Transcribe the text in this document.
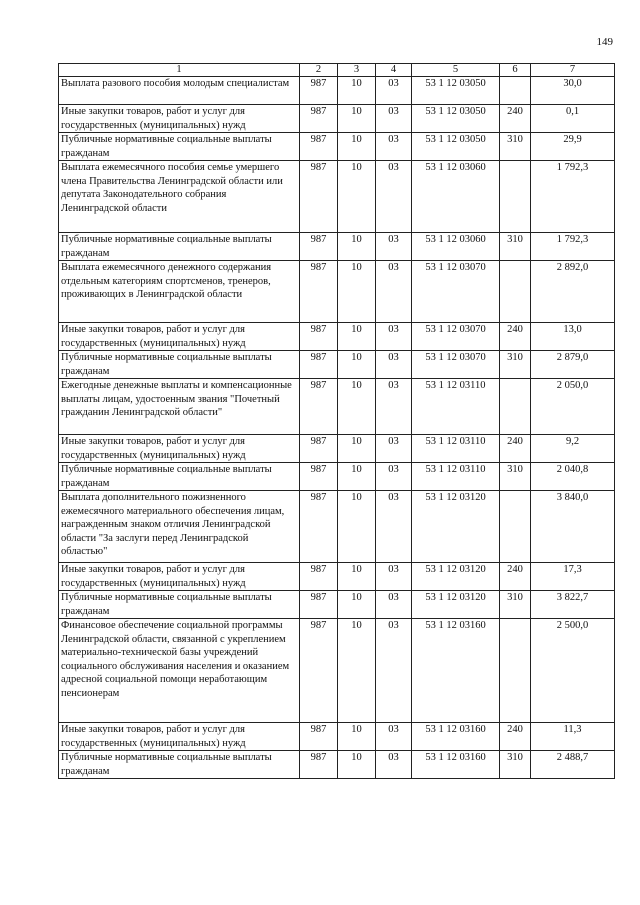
149
1	2	3	4	5	6	7
Выплата разового пособия молодым специалистам	987	10	03	53 1 12 03050		30,0
Иные закупки товаров, работ и услуг для государственных (муниципальных) нужд	987	10	03	53 1 12 03050	240	0,1
Публичные нормативные социальные выплаты гражданам	987	10	03	53 1 12 03050	310	29,9
Выплата ежемесячного пособия семье умершего члена Правительства Ленинградской области или депутата Законодательного собрания Ленинградской области	987	10	03	53 1 12 03060		1 792,3
Публичные нормативные социальные выплаты гражданам	987	10	03	53 1 12 03060	310	1 792,3
Выплата ежемесячного денежного содержания отдельным категориям спортсменов, тренеров, проживающих в Ленинградской области	987	10	03	53 1 12 03070		2 892,0
Иные закупки товаров, работ и услуг для государственных (муниципальных) нужд	987	10	03	53 1 12 03070	240	13,0
Публичные нормативные социальные выплаты гражданам	987	10	03	53 1 12 03070	310	2 879,0
Ежегодные денежные выплаты и компенсационные выплаты лицам, удостоенным звания "Почетный гражданин Ленинградской области"	987	10	03	53 1 12 03110		2 050,0
Иные закупки товаров, работ и услуг для государственных (муниципальных) нужд	987	10	03	53 1 12 03110	240	9,2
Публичные нормативные социальные выплаты гражданам	987	10	03	53 1 12 03110	310	2 040,8
Выплата дополнительного пожизненного ежемесячного материального обеспечения лицам, награжденным знаком отличия Ленинградской области "За заслуги перед Ленинградской областью"	987	10	03	53 1 12 03120		3 840,0
Иные закупки товаров, работ и услуг для государственных (муниципальных) нужд	987	10	03	53 1 12 03120	240	17,3
Публичные нормативные социальные выплаты гражданам	987	10	03	53 1 12 03120	310	3 822,7
Финансовое обеспечение социальной программы Ленинградской области, связанной с укреплением материально-технической базы учреждений социального обслуживания населения и оказанием адресной социальной помощи неработающим пенсионерам	987	10	03	53 1 12 03160		2 500,0
Иные закупки товаров, работ и услуг для государственных (муниципальных) нужд	987	10	03	53 1 12 03160	240	11,3
Публичные нормативные социальные выплаты гражданам	987	10	03	53 1 12 03160	310	2 488,7
